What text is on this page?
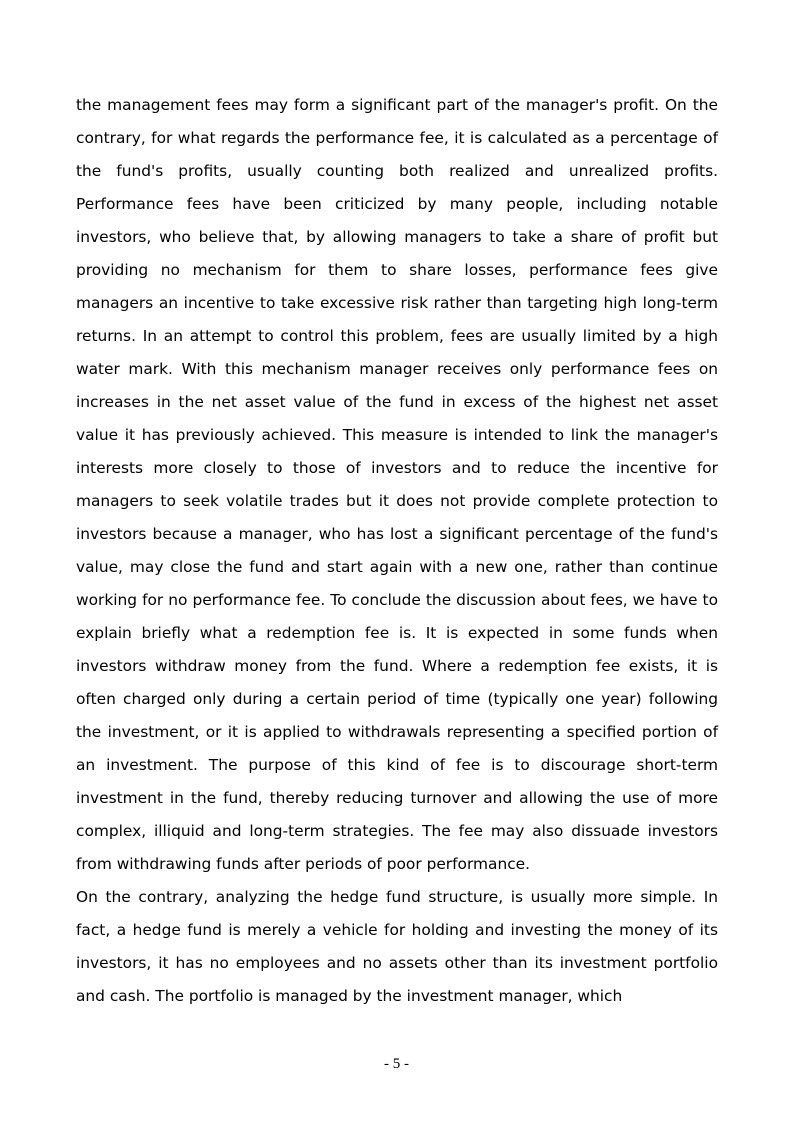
the management fees may form a significant part of the manager's profit. On the contrary, for what regards the performance fee, it is calculated as a percentage of the fund's profits, usually counting both realized and unrealized profits. Performance fees have been criticized by many people, including notable investors, who believe that, by allowing managers to take a share of profit but providing no mechanism for them to share losses, performance fees give managers an incentive to take excessive risk rather than targeting high long-term returns. In an attempt to control this problem, fees are usually limited by a high water mark. With this mechanism manager receives only performance fees on increases in the net asset value of the fund in excess of the highest net asset value it has previously achieved. This measure is intended to link the manager's interests more closely to those of investors and to reduce the incentive for managers to seek volatile trades but it does not provide complete protection to investors because a manager, who has lost a significant percentage of the fund's value, may close the fund and start again with a new one, rather than continue working for no performance fee. To conclude the discussion about fees, we have to explain briefly what a redemption fee is. It is expected in some funds when investors withdraw money from the fund. Where a redemption fee exists, it is often charged only during a certain period of time (typically one year) following the investment, or it is applied to withdrawals representing a specified portion of an investment. The purpose of this kind of fee is to discourage short-term investment in the fund, thereby reducing turnover and allowing the use of more complex, illiquid and long-term strategies. The fee may also dissuade investors from withdrawing funds after periods of poor performance.

On the contrary, analyzing the hedge fund structure, is usually more simple. In fact, a hedge fund is merely a vehicle for holding and investing the money of its investors, it has no employees and no assets other than its investment portfolio and cash. The portfolio is managed by the investment manager, which

- 5 -
